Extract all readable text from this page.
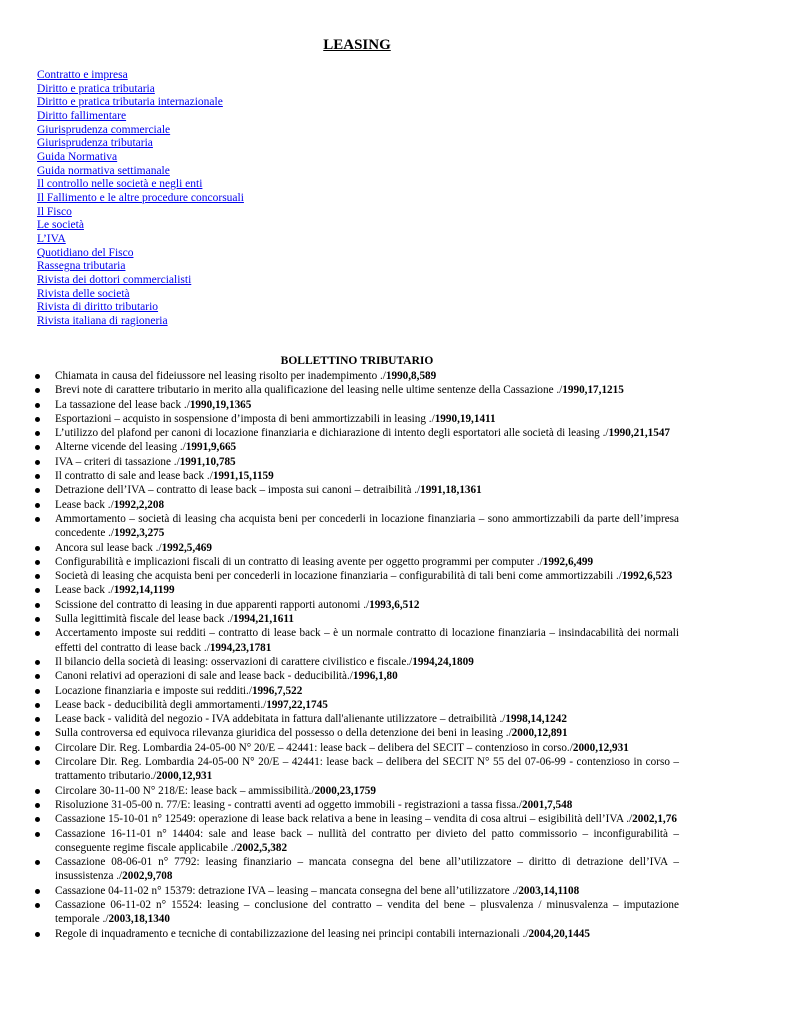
LEASING
Contratto e impresa
Diritto e pratica tributaria
Diritto e pratica tributaria internazionale
Diritto fallimentare
Giurisprudenza commerciale
Giurisprudenza tributaria
Guida Normativa
Guida normativa settimanale
Il controllo nelle società e negli enti
Il Fallimento e le altre procedure concorsuali
Il Fisco
Le società
L’IVA
Quotidiano del Fisco
Rassegna tributaria
Rivista dei dottori commercialisti
Rivista delle società
Rivista di diritto tributario
Rivista italiana di ragioneria
BOLLETTINO TRIBUTARIO
Chiamata in causa del fideiussore nel leasing risolto per inadempimento ./1990,8,589
Brevi note di carattere tributario in merito alla qualificazione del leasing nelle ultime sentenze della Cassazione ./1990,17,1215
La tassazione del lease back ./1990,19,1365
Esportazioni – acquisto in sospensione d’imposta di beni ammortizzabili in leasing ./1990,19,1411
L’utilizzo del plafond per canoni di locazione finanziaria e dichiarazione di intento degli esportatori alle società di leasing ./1990,21,1547
Alterne vicende del leasing ./1991,9,665
IVA – criteri di tassazione ./1991,10,785
Il contratto di sale and lease back ./1991,15,1159
Detrazione dell’IVA – contratto di lease back – imposta sui canoni – detraibilità ./1991,18,1361
Lease back ./1992,2,208
Ammortamento – società di leasing cha acquista beni per concederli in locazione finanziaria – sono ammortizzabili da parte dell’impresa concedente ./1992,3,275
Ancora sul lease back ./1992,5,469
Configurabilità e implicazioni fiscali di un contratto di leasing avente per oggetto programmi per computer ./1992,6,499
Società di leasing che acquista beni per concederli in locazione finanziaria – configurabilità di tali beni come ammortizzabili ./1992,6,523
Lease back ./1992,14,1199
Scissione del contratto di leasing in due apparenti rapporti autonomi ./1993,6,512
Sulla legittimità fiscale del lease back ./1994,21,1611
Accertamento imposte sui redditi – contratto di lease back – è un normale contratto di locazione finanziaria – insindacabilità dei normali effetti del contratto di lease back ./1994,23,1781
Il bilancio della società di leasing: osservazioni di carattere civilistico e fiscale./1994,24,1809
Canoni relativi ad operazioni di sale and lease back - deducibilità./1996,1,80
Locazione finanziaria e imposte sui redditi./1996,7,522
Lease back - deducibilità degli ammortamenti./1997,22,1745
Lease back - validità del negozio - IVA addebitata in fattura dall'alienante utilizzatore – detraibilità ./1998,14,1242
Sulla controversa ed equivoca rilevanza giuridica del possesso o della detenzione dei beni in leasing ./2000,12,891
Circolare Dir. Reg. Lombardia 24-05-00 N° 20/E – 42441: lease back – delibera del SECIT – contenzioso in corso./2000,12,931
Circolare Dir. Reg. Lombardia 24-05-00 N° 20/E – 42441: lease back – delibera del SECIT N° 55 del 07-06-99 - contenzioso in corso – trattamento tributario./2000,12,931
Circolare 30-11-00 N° 218/E: lease back – ammissibilità./2000,23,1759
Risoluzione 31-05-00 n. 77/E: leasing - contratti aventi ad oggetto immobili - registrazioni a tassa fissa./2001,7,548
Cassazione 15-10-01 n° 12549: operazione di lease back relativa a bene in leasing – vendita di cosa altrui – esigibilità dell’IVA ./2002,1,76
Cassazione 16-11-01 n° 14404: sale and lease back – nullità del contratto per divieto del patto commissorio – inconfigurabilità – conseguente regime fiscale applicabile ./2002,5,382
Cassazione 08-06-01 n° 7792: leasing finanziario – mancata consegna del bene all’utilizzatore – diritto di detrazione dell’IVA – insussistenza ./2002,9,708
Cassazione 04-11-02 n° 15379: detrazione IVA – leasing – mancata consegna del bene all’utilizzatore ./2003,14,1108
Cassazione 06-11-02 n° 15524: leasing – conclusione del contratto – vendita del bene – plusvalenza / minusvalenza – imputazione temporale ./2003,18,1340
Regole di inquadramento e tecniche di contabilizzazione del leasing nei principi contabili internazionali ./2004,20,1445
